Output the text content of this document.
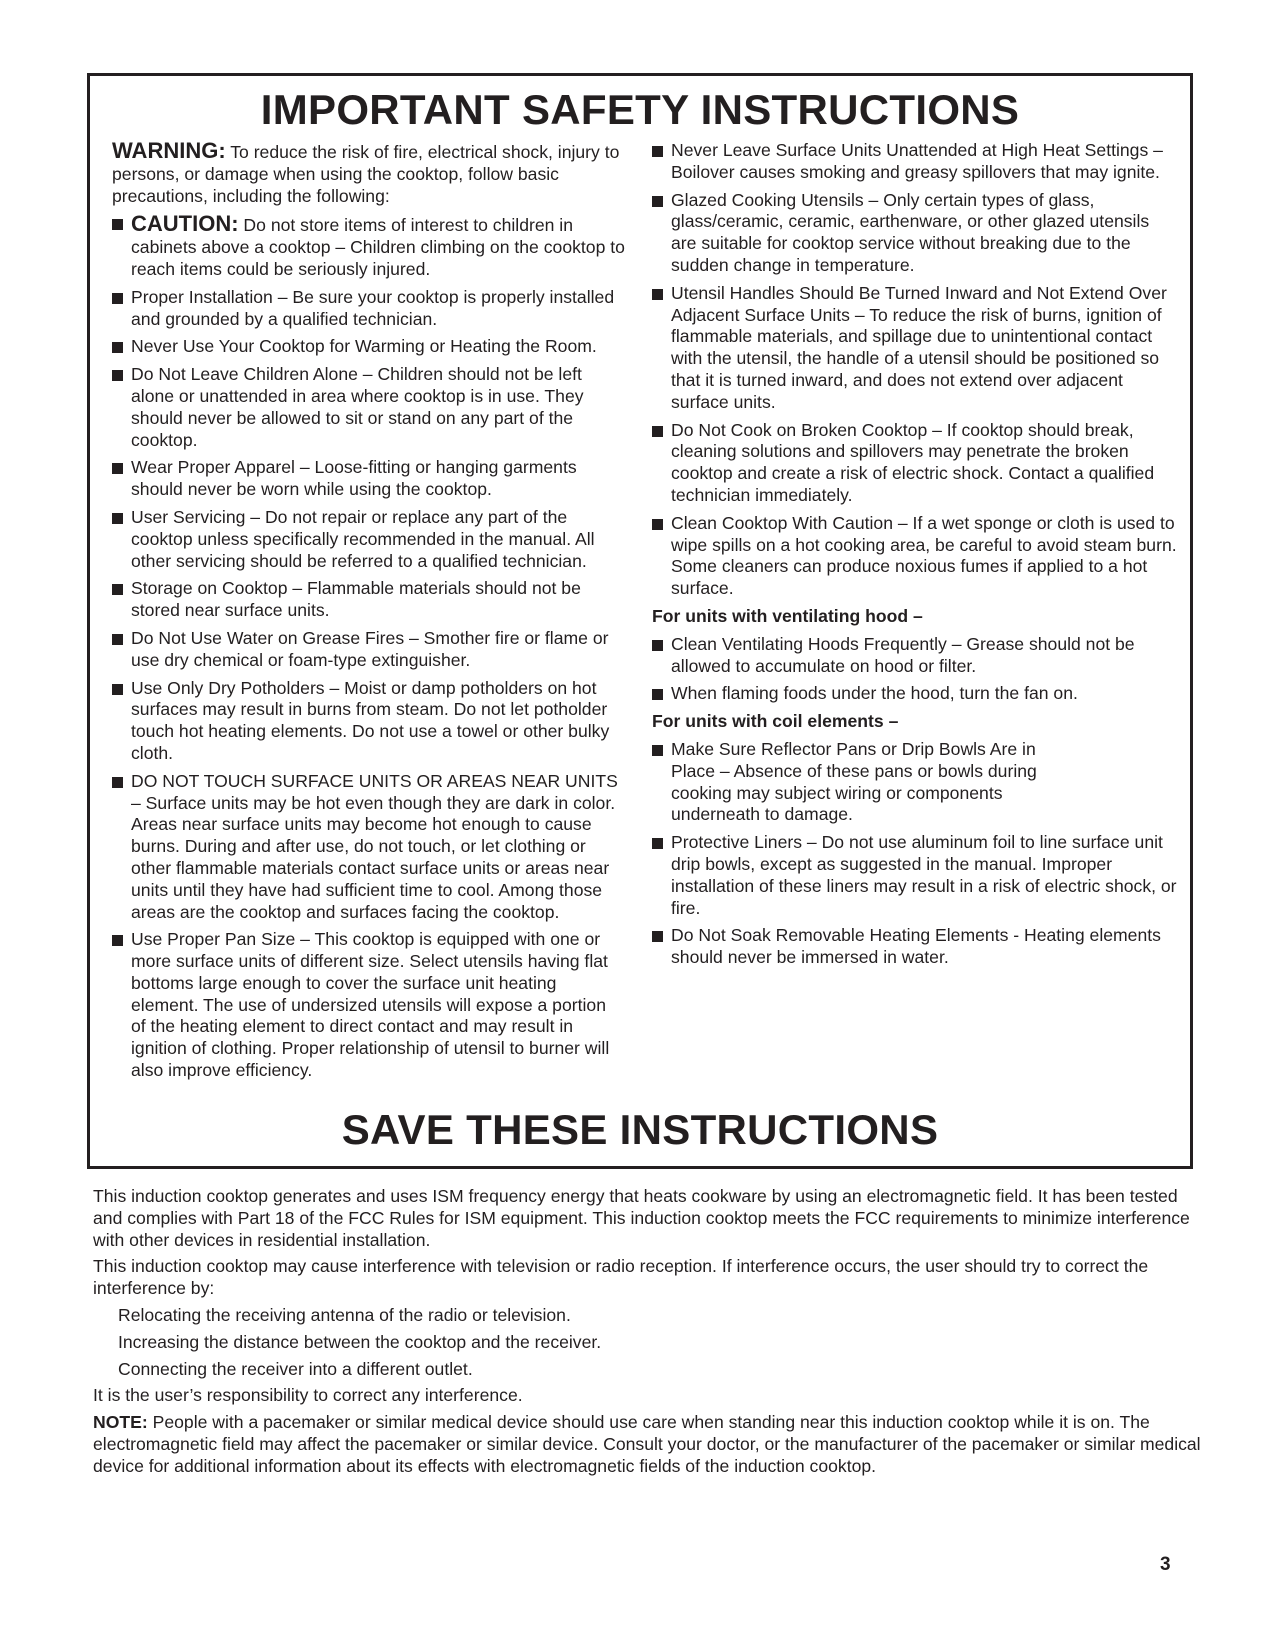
IMPORTANT SAFETY INSTRUCTIONS

WARNING: To reduce the risk of fire, electrical shock, injury to persons, or damage when using the cooktop, follow basic precautions, including the following:

CAUTION: Do not store items of interest to children in cabinets above a cooktop – Children climbing on the cooktop to reach items could be seriously injured.
Proper Installation – Be sure your cooktop is properly installed and grounded by a qualified technician.
Never Use Your Cooktop for Warming or Heating the Room.
Do Not Leave Children Alone – Children should not be left alone or unattended in area where cooktop is in use. They should never be allowed to sit or stand on any part of the cooktop.
Wear Proper Apparel – Loose-fitting or hanging garments should never be worn while using the cooktop.
User Servicing – Do not repair or replace any part of the cooktop unless specifically recommended in the manual. All other servicing should be referred to a qualified technician.
Storage on Cooktop – Flammable materials should not be stored near surface units.
Do Not Use Water on Grease Fires – Smother fire or flame or use dry chemical or foam-type extinguisher.
Use Only Dry Potholders – Moist or damp potholders on hot surfaces may result in burns from steam. Do not let potholder touch hot heating elements. Do not use a towel or other bulky cloth.
DO NOT TOUCH SURFACE UNITS OR AREAS NEAR UNITS – Surface units may be hot even though they are dark in color. Areas near surface units may become hot enough to cause burns. During and after use, do not touch, or let clothing or other flammable materials contact surface units or areas near units until they have had sufficient time to cool. Among those areas are the cooktop and surfaces facing the cooktop.
Use Proper Pan Size – This cooktop is equipped with one or more surface units of different size. Select utensils having flat bottoms large enough to cover the surface unit heating element. The use of undersized utensils will expose a portion of the heating element to direct contact and may result in ignition of clothing. Proper relationship of utensil to burner will also improve efficiency.
Never Leave Surface Units Unattended at High Heat Settings – Boilover causes smoking and greasy spillovers that may ignite.
Glazed Cooking Utensils – Only certain types of glass, glass/ceramic, ceramic, earthenware, or other glazed utensils are suitable for cooktop service without breaking due to the sudden change in temperature.
Utensil Handles Should Be Turned Inward and Not Extend Over Adjacent Surface Units – To reduce the risk of burns, ignition of flammable materials, and spillage due to unintentional contact with the utensil, the handle of a utensil should be positioned so that it is turned inward, and does not extend over adjacent surface units.
Do Not Cook on Broken Cooktop – If cooktop should break, cleaning solutions and spillovers may penetrate the broken cooktop and create a risk of electric shock. Contact a qualified technician immediately.
Clean Cooktop With Caution – If a wet sponge or cloth is used to wipe spills on a hot cooking area, be careful to avoid steam burn. Some cleaners can produce noxious fumes if applied to a hot surface.

For units with ventilating hood –

Clean Ventilating Hoods Frequently – Grease should not be allowed to accumulate on hood or filter.
When flaming foods under the hood, turn the fan on.

For units with coil elements –

Make Sure Reflector Pans or Drip Bowls Are in Place – Absence of these pans or bowls during cooking may subject wiring or components underneath to damage.
Protective Liners – Do not use aluminum foil to line surface unit drip bowls, except as suggested in the manual. Improper installation of these liners may result in a risk of electric shock, or fire.
Do Not Soak Removable Heating Elements - Heating elements should never be immersed in water.
SAVE THESE INSTRUCTIONS

This induction cooktop generates and uses ISM frequency energy that heats cookware by using an electromagnetic field. It has been tested and complies with Part 18 of the FCC Rules for ISM equipment. This induction cooktop meets the FCC requirements to minimize interference with other devices in residential installation.

This induction cooktop may cause interference with television or radio reception. If interference occurs, the user should try to correct the interference by:

Relocating the receiving antenna of the radio or television.

Increasing the distance between the cooktop and the receiver.

Connecting the receiver into a different outlet.

It is the user’s responsibility to correct any interference.

NOTE: People with a pacemaker or similar medical device should use care when standing near this induction cooktop while it is on. The electromagnetic field may affect the pacemaker or similar device. Consult your doctor, or the manufacturer of the pacemaker or similar medical device for additional information about its effects with electromagnetic fields of the induction cooktop.

3
